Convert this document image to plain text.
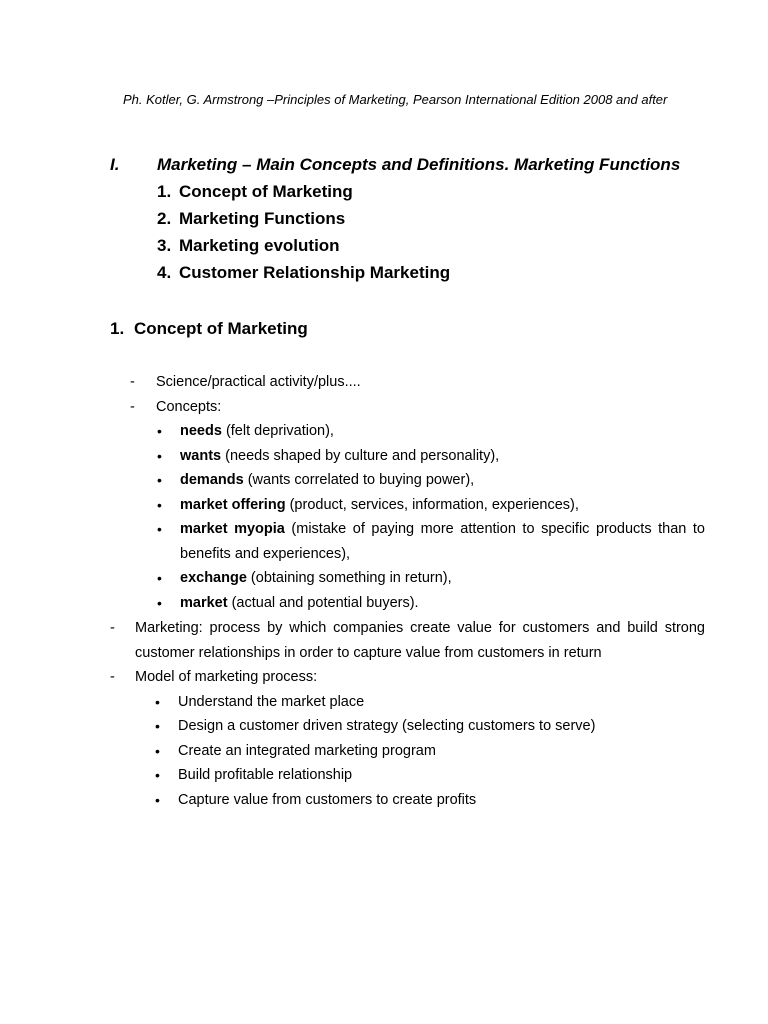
Ph. Kotler, G. Armstrong –Principles of Marketing, Pearson International Edition 2008 and after
I. Marketing – Main Concepts and Definitions. Marketing Functions
1. Concept of Marketing
2. Marketing Functions
3. Marketing evolution
4. Customer Relationship Marketing
1. Concept of Marketing
-	Science/practical activity/plus....
-	Concepts:
•	needs (felt deprivation),
•	wants (needs shaped by culture and personality),
•	demands (wants correlated to buying power),
•	market offering (product, services, information, experiences),
•	market myopia (mistake of paying more attention to specific products than to benefits and experiences),
•	exchange (obtaining something in return),
•	market (actual and potential buyers).
-	Marketing: process by which companies create value for customers and build strong customer relationships in order to capture value from customers in return
-	Model of marketing process:
•	Understand the market place
•	Design a customer driven strategy (selecting customers to serve)
•	Create an integrated marketing program
•	Build profitable relationship
•	Capture value from customers to create profits
